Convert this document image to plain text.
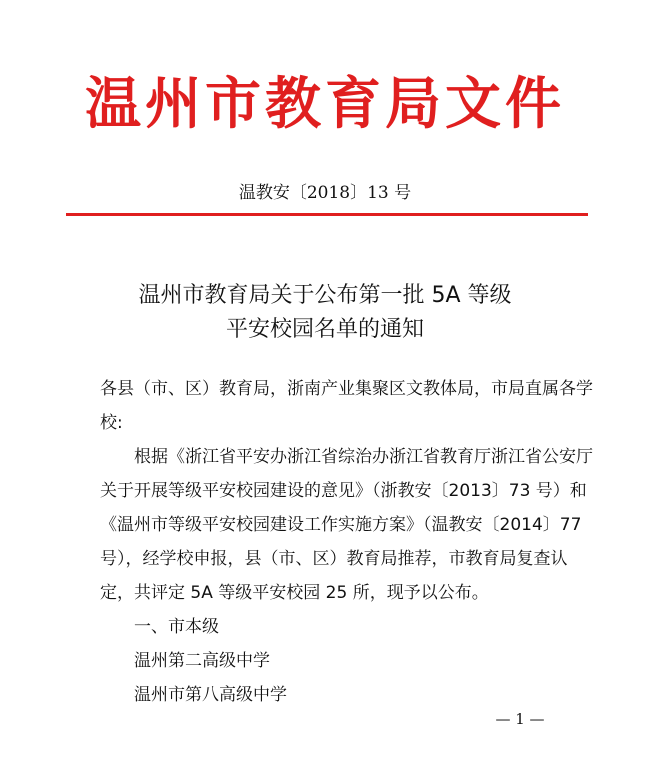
温州市教育局文件
温教安〔2018〕13 号
温州市教育局关于公布第一批 5A 等级
平安校园名单的通知

各县（市、区）教育局，浙南产业集聚区文教体局，市局直属各学校:

根据《浙江省平安办浙江省综治办浙江省教育厅浙江省公安厅关于开展等级平安校园建设的意见》（浙教安〔2013〕73 号）和《温州市等级平安校园建设工作实施方案》（温教安〔2014〕77 号），经学校申报，县（市、区）教育局推荐，市教育局复查认定，共评定 5A 等级平安校园 25 所，现予以公布。

一、市本级

温州第二高级中学

温州市第八高级中学

— 1 —
